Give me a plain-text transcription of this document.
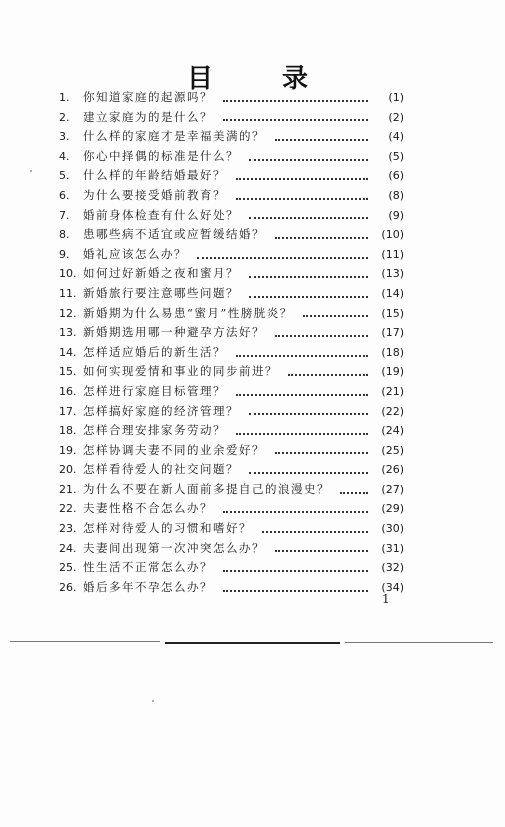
目 录
1.	你知道家庭的起源吗？	(1)
2.	建立家庭为的是什么？	(2)
3.	什么样的家庭才是幸福美满的？	(4)
4.	你心中择偶的标准是什么？	(5)
5.	什么样的年龄结婚最好？	(6)
6.	为什么要接受婚前教育？	(8)
7.	婚前身体检查有什么好处？	(9)
8.	患哪些病不适宜或应暂缓结婚？	(10)
9.	婚礼应该怎么办？	(11)
10. 如何过好新婚之夜和蜜月？	(13)
11. 新婚旅行要注意哪些问题？	(14)
12. 新婚期为什么易患“蜜月”性膀胱炎？	(15)
13. 新婚期选用哪一种避孕方法好？	(17)
14. 怎样适应婚后的新生活？	(18)
15. 如何实现爱情和事业的同步前进？	(19)
16. 怎样进行家庭目标管理？	(21)
17. 怎样搞好家庭的经济管理？	(22)
18. 怎样合理安排家务劳动？	(24)
19. 怎样协调夫妻不同的业余爱好？	(25)
20. 怎样看待爱人的社交问题？	(26)
21. 为什么不要在新人面前多提自己的浪漫史？	(27)
22. 夫妻性格不合怎么办？	(29)
23. 怎样对待爱人的习惯和嗜好？	(30)
24. 夫妻间出现第一次冲突怎么办？	(31)
25. 性生活不正常怎么办？	(32)
26. 婚后多年不孕怎么办？	(34)
1
